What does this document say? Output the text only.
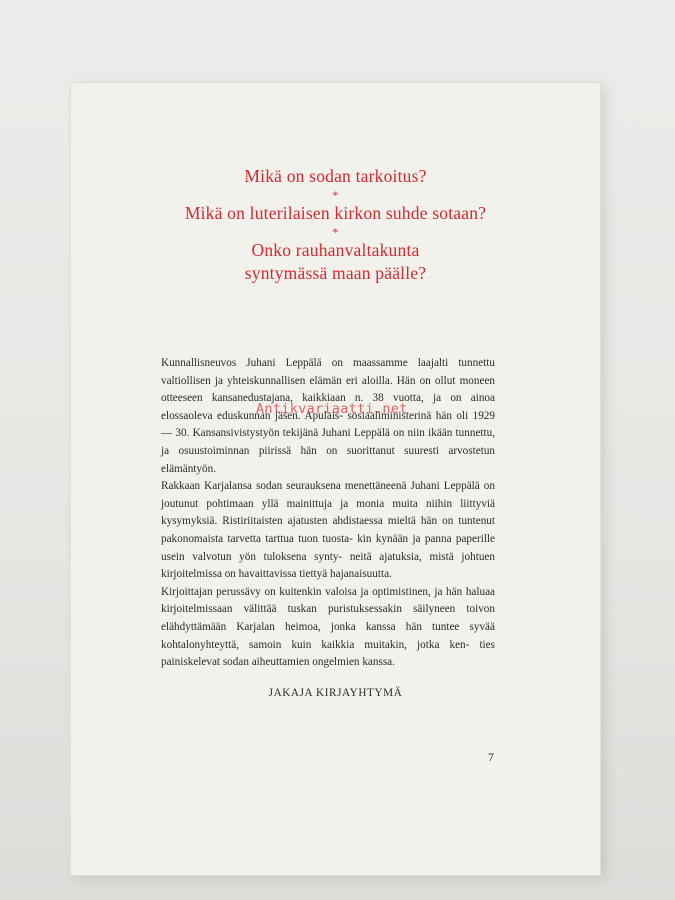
Mikä on sodan tarkoitus?
*
Mikä on luterilaisen kirkon suhde sotaan?
*
Onko rauhanvaltakunta
syntymässä maan päälle?

Kunnallisneuvos Juhani Leppälä on maassamme laajalti tunnettu valtiollisen ja yhteiskunnallisen elämän eri aloilla. Hän on ollut moneen otteeseen kansanedustajana, kaikkiaan n. 38 vuotta, ja on ainoa elossaoleva eduskunnan jäsen. Apulais- sosiaaliministerinä hän oli 1929 — 30. Kansansivistystyön tekijänä Juhani Leppälä on niin ikään tunnettu, ja osuustoiminnan piirissä hän on suorittanut suuresti arvostetun elämäntyön.

Rakkaan Karjalansa sodan seurauksena menettäneenä Juhani Leppälä on joutunut pohtimaan yllä mainittuja ja monia muita niihin liittyviä kysymyksiä. Ristiriitaisten ajatusten ahdistaessa mieltä hän on tuntenut pakonomaista tarvetta tarttua tuon tuosta- kin kynään ja panna paperille usein valvotun yön tuloksena synty- neitä ajatuksia, mistä johtuen kirjoitelmissa on havaittavissa tiettyä hajanaisuutta.

Kirjoittajan perussävy on kuitenkin valoisa ja optimistinen, ja hän haluaa kirjoitelmissaan välittää tuskan puristuksessakin säilyneen toivon elähdyttämään Karjalan heimoa, jonka kanssa hän tuntee syvää kohtalonyhteyttä, samoin kuin kaikkia muitakin, jotka ken- ties painiskelevat sodan aiheuttamien ongelmien kanssa.

JAKAJA KIRJAYHTYMÄ
7
Antikvariaatti.net
